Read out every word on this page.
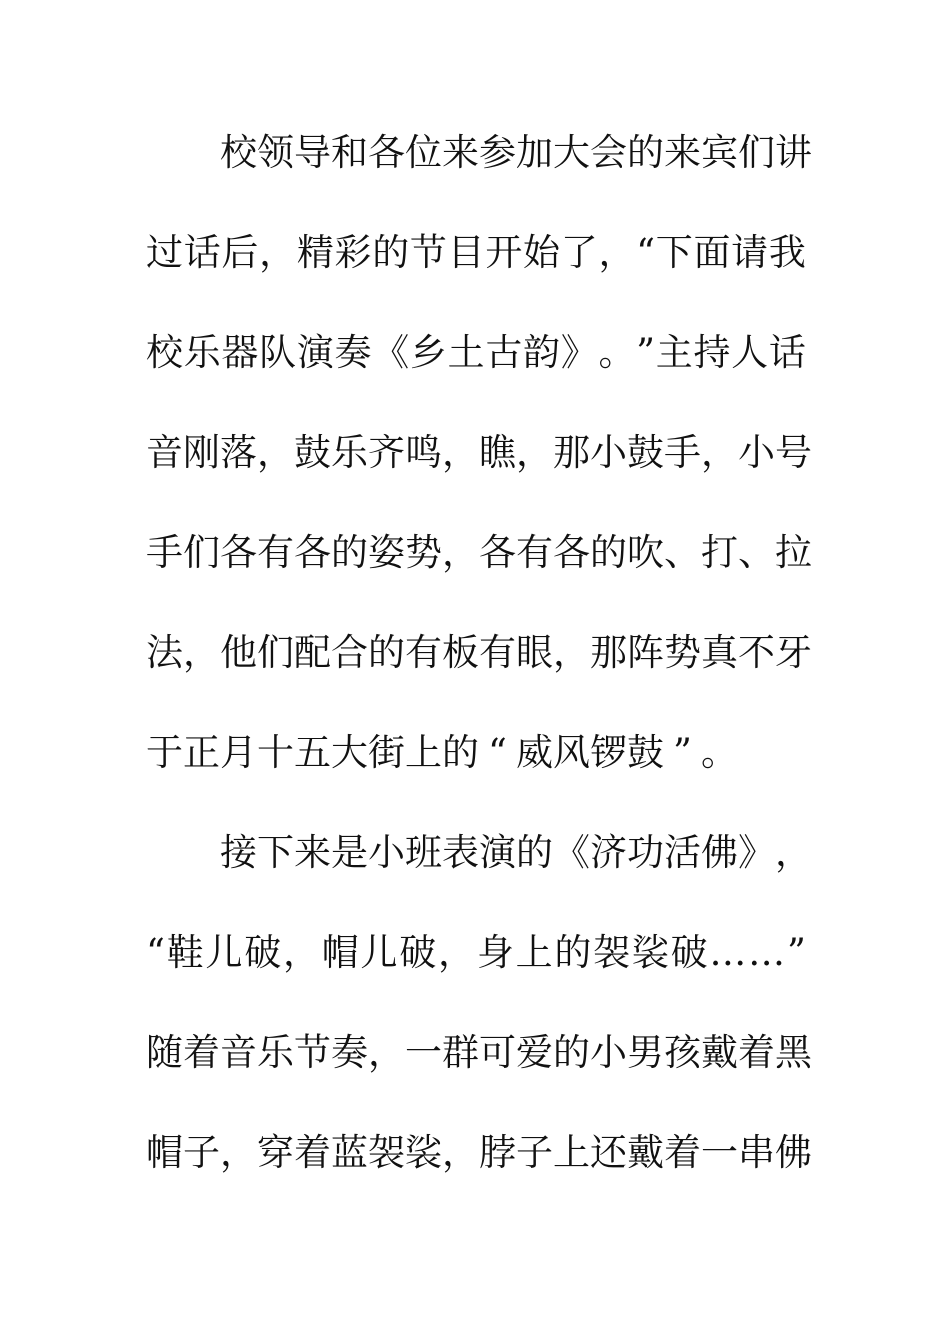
校 领 导 和 各 位 来 参 加 大 会 的 来 宾 们 讲
过 话 后 ， 精 彩 的 节 目 开 始 了 ， “ 下 面 请 我
校 乐 器 队 演 奏 《 乡 土 古 韵 》 。 ” 主 持 人 话
音 刚 落 ， 鼓 乐 齐 鸣 ， 瞧 ， 那 小 鼓 手 ， 小 号
手 们 各 有 各 的 姿 势 ， 各 有 各 的 吹 、 打 、 拉
法 ， 他 们 配 合 的 有 板 有 眼 ， 那 阵 势 真 不 牙
于 正 月 十 五 大 街 上 的 “ 威 风 锣 鼓 ” 。
接 下 来 是 小 班 表 演 的 《 济 功 活 佛 》 ，
“ 鞋 儿 破 ， 帽 儿 破 ， 身 上 的 袈 裟 破 … … ”
随 着 音 乐 节 奏 ， 一 群 可 爱 的 小 男 孩 戴 着 黑
帽 子 ， 穿 着 蓝 袈 裟 ， 脖 子 上 还 戴 着 一 串 佛
